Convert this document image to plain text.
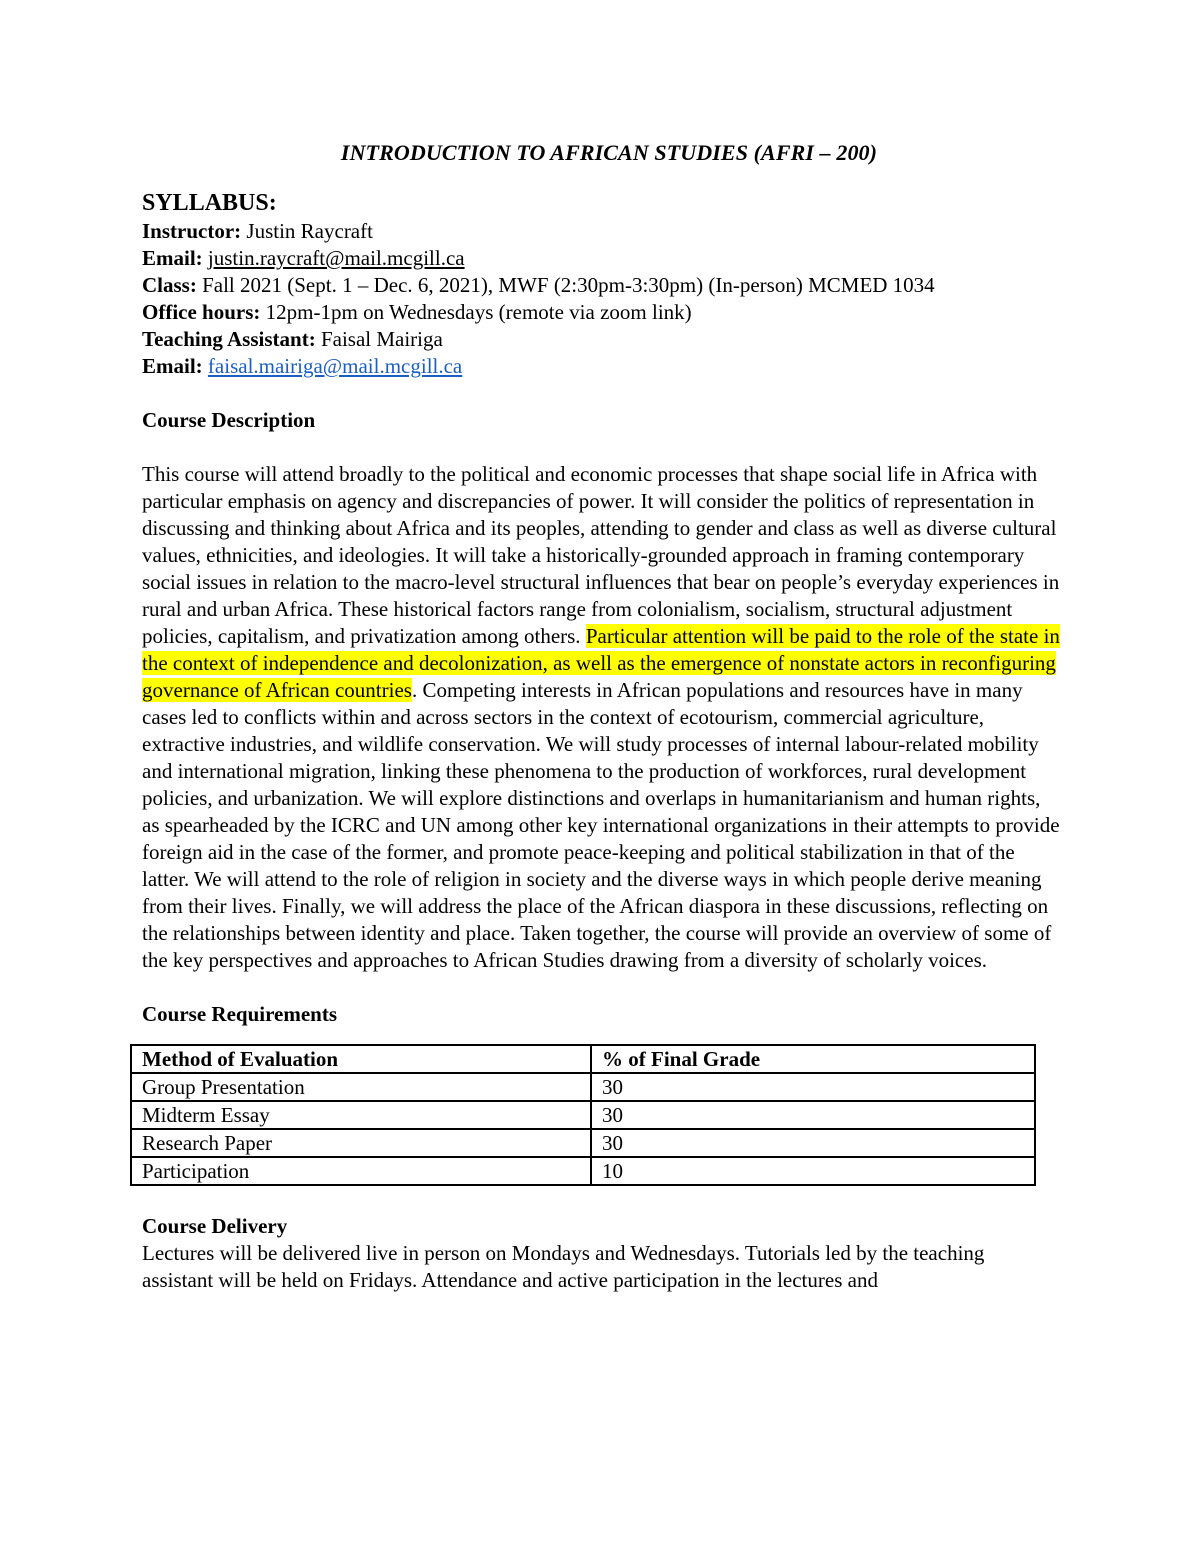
INTRODUCTION TO AFRICAN STUDIES (AFRI – 200)
SYLLABUS:
Instructor: Justin Raycraft
Email: justin.raycraft@mail.mcgill.ca
Class: Fall 2021 (Sept. 1 – Dec. 6, 2021), MWF (2:30pm-3:30pm) (In-person) MCMED 1034
Office hours: 12pm-1pm on Wednesdays (remote via zoom link)
Teaching Assistant: Faisal Mairiga
Email: faisal.mairiga@mail.mcgill.ca
Course Description

This course will attend broadly to the political and economic processes that shape social life in Africa with particular emphasis on agency and discrepancies of power. It will consider the politics of representation in discussing and thinking about Africa and its peoples, attending to gender and class as well as diverse cultural values, ethnicities, and ideologies. It will take a historically-grounded approach in framing contemporary social issues in relation to the macro-level structural influences that bear on people’s everyday experiences in rural and urban Africa. These historical factors range from colonialism, socialism, structural adjustment policies, capitalism, and privatization among others. Particular attention will be paid to the role of the state in the context of independence and decolonization, as well as the emergence of nonstate actors in reconfiguring governance of African countries. Competing interests in African populations and resources have in many cases led to conflicts within and across sectors in the context of ecotourism, commercial agriculture, extractive industries, and wildlife conservation. We will study processes of internal labour-related mobility and international migration, linking these phenomena to the production of workforces, rural development policies, and urbanization. We will explore distinctions and overlaps in humanitarianism and human rights, as spearheaded by the ICRC and UN among other key international organizations in their attempts to provide foreign aid in the case of the former, and promote peace-keeping and political stabilization in that of the latter. We will attend to the role of religion in society and the diverse ways in which people derive meaning from their lives. Finally, we will address the place of the African diaspora in these discussions, reflecting on the relationships between identity and place. Taken together, the course will provide an overview of some of the key perspectives and approaches to African Studies drawing from a diversity of scholarly voices.

Course Requirements
Method of Evaluation	% of Final Grade
Group Presentation	30
Midterm Essay	30
Research Paper	30
Participation	10
Course Delivery

Lectures will be delivered live in person on Mondays and Wednesdays. Tutorials led by the teaching assistant will be held on Fridays. Attendance and active participation in the lectures and
